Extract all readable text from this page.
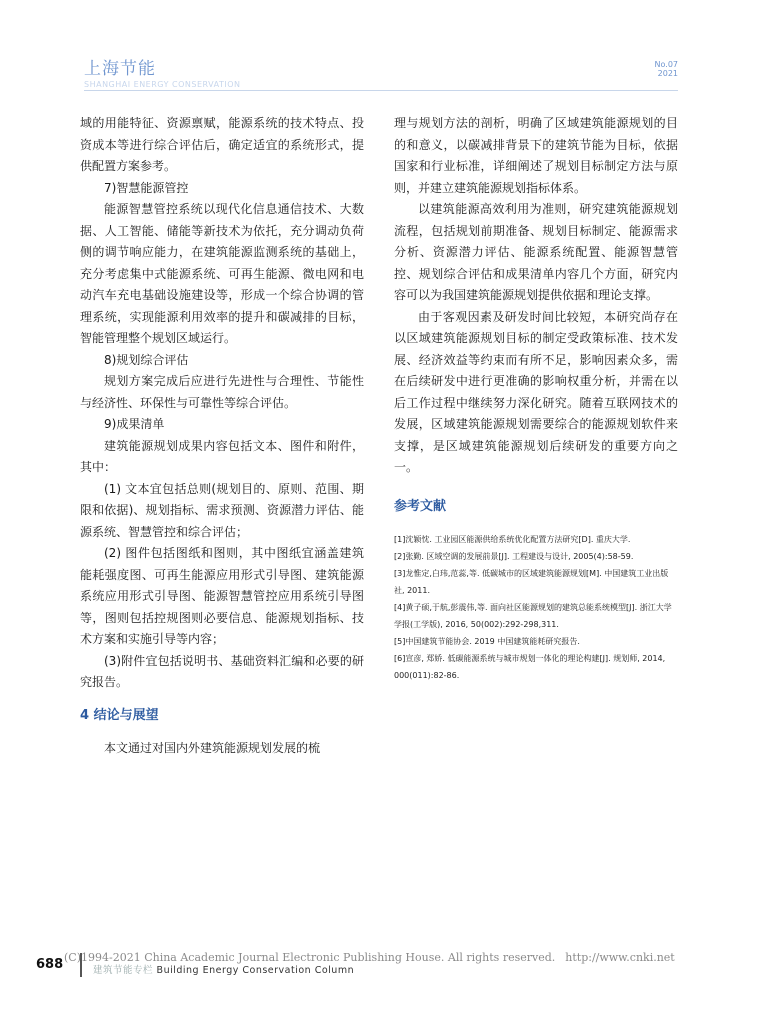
上海节能
SHANGHAI ENERGY CONSERVATION
No.07
2021

域的用能特征、资源禀赋，能源系统的技术特点、投资成本等进行综合评估后，确定适宜的系统形式，提供配置方案参考。

7)智慧能源管控

能源智慧管控系统以现代化信息通信技术、大数据、人工智能、储能等新技术为依托，充分调动负荷侧的调节响应能力，在建筑能源监测系统的基础上，充分考虑集中式能源系统、可再生能源、微电网和电动汽车充电基础设施建设等，形成一个综合协调的管理系统，实现能源利用效率的提升和碳减排的目标，智能管理整个规划区域运行。

8)规划综合评估

规划方案完成后应进行先进性与合理性、节能性与经济性、环保性与可靠性等综合评估。

9)成果清单

建筑能源规划成果内容包括文本、图件和附件，其中：

(1) 文本宜包括总则(规划目的、原则、范围、期限和依据)、规划指标、需求预测、资源潜力评估、能源系统、智慧管控和综合评估；

(2) 图件包括图纸和图则，其中图纸宜涵盖建筑能耗强度图、可再生能源应用形式引导图、建筑能源系统应用形式引导图、能源智慧管控应用系统引导图等，图则包括控规图则必要信息、能源规划指标、技术方案和实施引导等内容；

(3)附件宜包括说明书、基础资料汇编和必要的研究报告。

4 结论与展望

本文通过对国内外建筑能源规划发展的梳

理与规划方法的剖析，明确了区域建筑能源规划的目的和意义，以碳减排背景下的建筑节能为目标，依据国家和行业标准，详细阐述了规划目标制定方法与原则，并建立建筑能源规划指标体系。

以建筑能源高效利用为准则，研究建筑能源规划流程，包括规划前期准备、规划目标制定、能源需求分析、资源潜力评估、能源系统配置、能源智慧管控、规划综合评估和成果清单内容几个方面，研究内容可以为我国建筑能源规划提供依据和理论支撑。

由于客观因素及研发时间比较短，本研究尚存在以区域建筑能源规划目标的制定受政策标准、技术发展、经济效益等约束而有所不足，影响因素众多，需在后续研发中进行更准确的影响权重分析，并需在以后工作过程中继续努力深化研究。随着互联网技术的发展，区域建筑能源规划需要综合的能源规划软件来支撑，是区域建筑能源规划后续研发的重要方向之一。

参考文献

[1]沈颖忱. 工业园区能源供给系统优化配置方法研究[D]. 重庆大学.

[2]张勤. 区域空调的发展前景[J]. 工程建设与设计, 2005(4):58-59.

[3]龙惟定,白玮,范蕊,等. 低碳城市的区域建筑能源规划[M]. 中国建筑工业出版社, 2011.

[4]黄子硕,于航,彭震伟,等. 面向社区能源规划的建筑总能系统模型[J]. 浙江大学学报(工学版), 2016, 50(002):292-298,311.

[5]中国建筑节能协会. 2019 中国建筑能耗研究报告.

[6]宣彦, 郑娇. 低碳能源系统与城市规划一体化的理论构建[J]. 规划师, 2014, 000(011):82-86.

688 (C)1994-2021 China Academic Journal Electronic Publishing House. All rights reserved. http://www.cnki.net
建筑节能专栏 Building Energy Conservation Column
